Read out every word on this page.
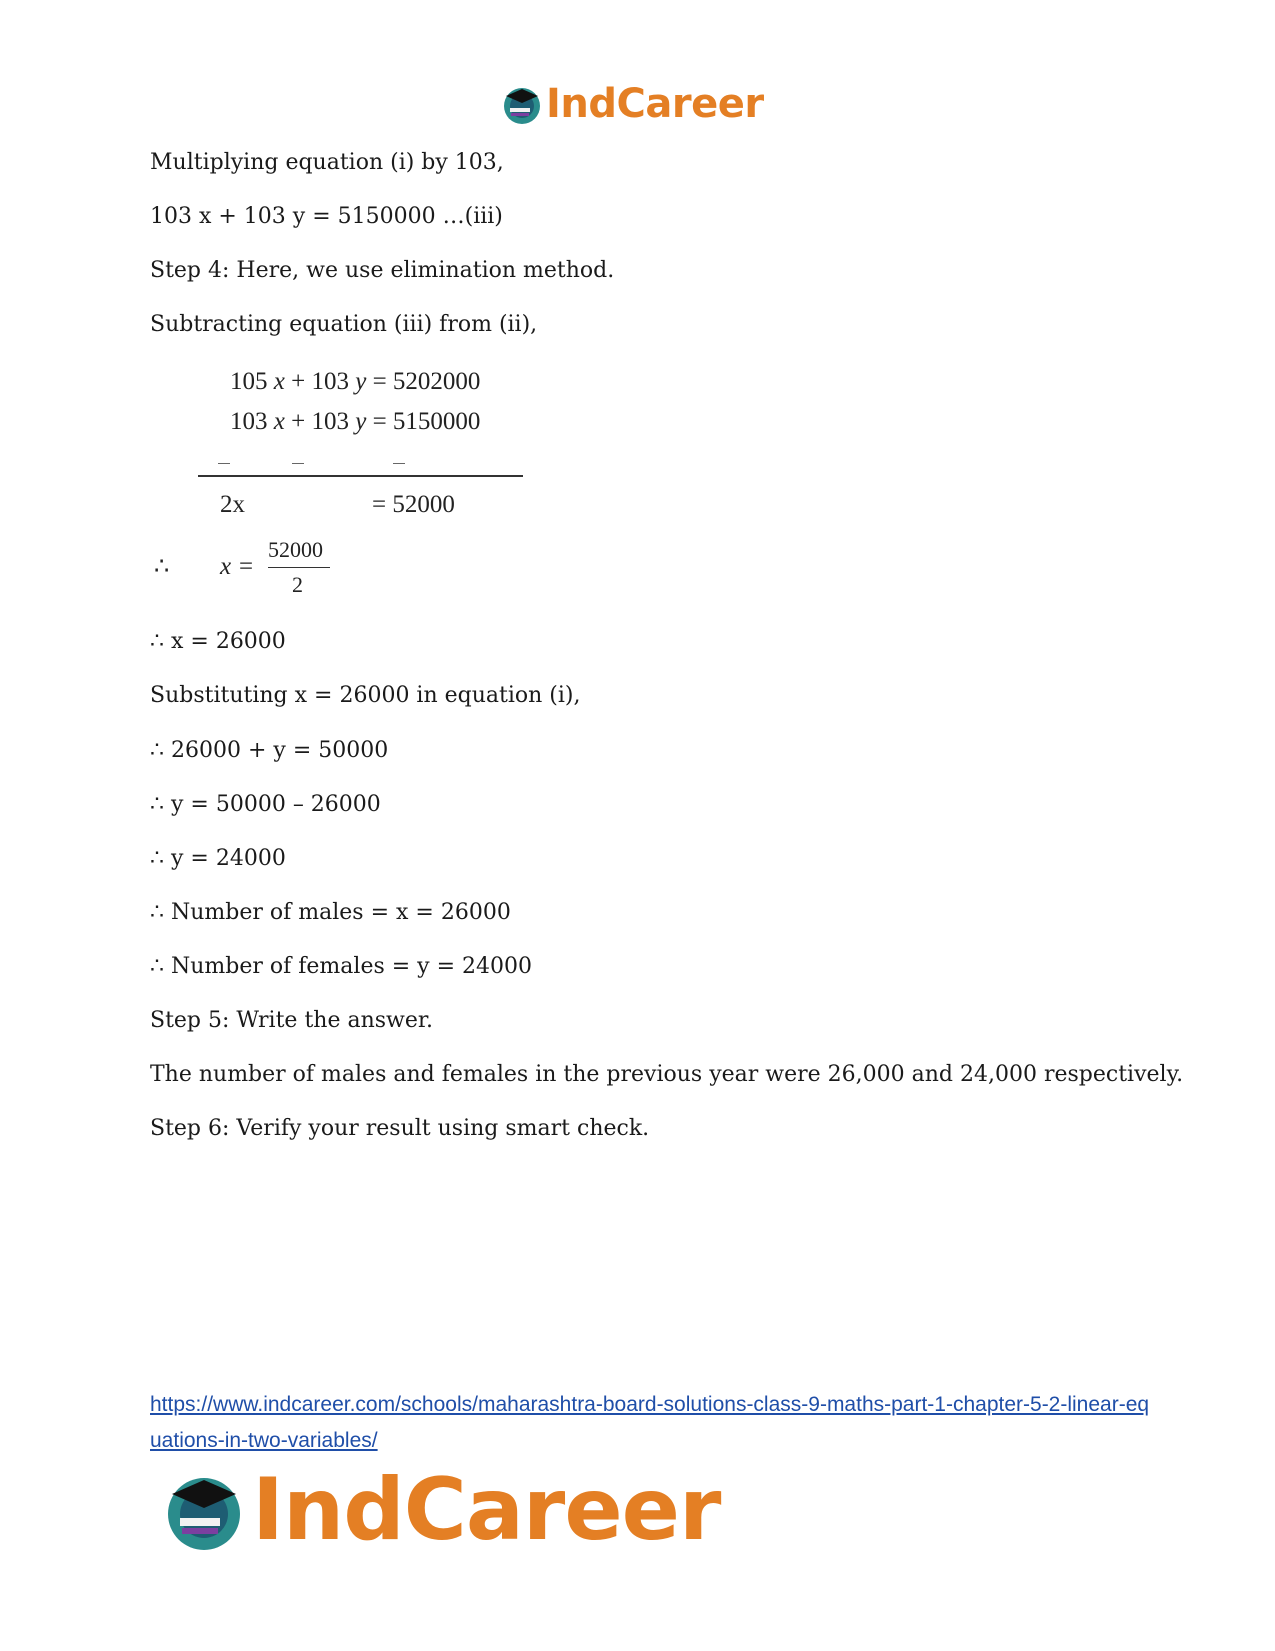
IndCareer
Multiplying equation (i) by 103,
103 x + 103 y = 5150000 …(iii)
Step 4: Here, we use elimination method.
Subtracting equation (iii) from (ii),
105 x + 103 y = 5202000
103 x + 103 y = 5150000
2x	= 52000
∴ x =
52000
2
∴ x = 26000
Substituting x = 26000 in equation (i),
∴ 26000 + y = 50000
∴ y = 50000 – 26000
∴ y = 24000
∴ Number of males = x = 26000
∴ Number of females = y = 24000
Step 5: Write the answer.
The number of males and females in the previous year were 26,000 and 24,000 respectively.
Step 6: Verify your result using smart check.
https://www.indcareer.com/schools/maharashtra-board-solutions-class-9-maths-part-1-chapter-5-2-linear-equations-in-two-variables/
IndCareer
